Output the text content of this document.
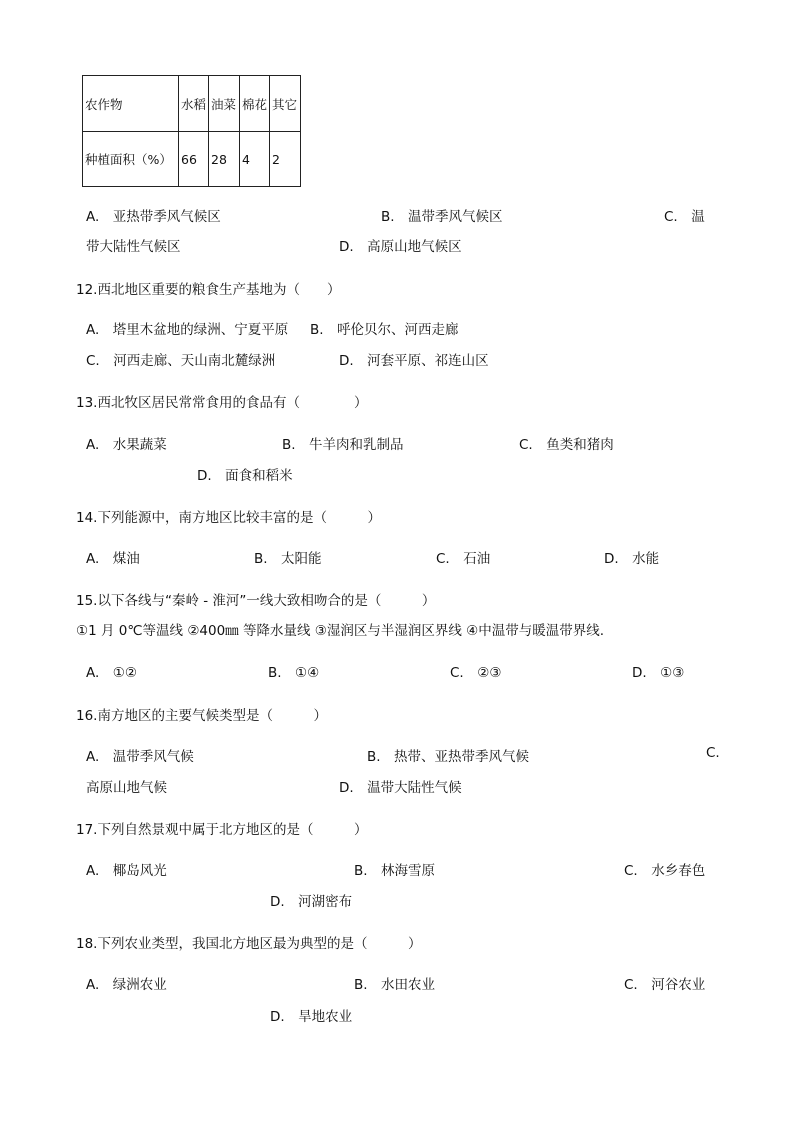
农作物	水稻	油菜	棉花	其它
种植面积（%）	66	28	4	2
A.　亚热带季风气候区	B.　温带季风气候区	C.　温
带大陆性气候区	D.　高原山地气候区
12.西北地区重要的粮食生产基地为（　　）
A.　塔里木盆地的绿洲、宁夏平原 B.　呼伦贝尔、河西走廊
C.　河西走廊、天山南北麓绿洲	D.　河套平原、祁连山区
13.西北牧区居民常常食用的食品有（　　　　）
A.　水果蔬菜	B.　牛羊肉和乳制品	C.　鱼类和猪肉
D.　面食和稻米
14.下列能源中，南方地区比较丰富的是（　　　）
A.　煤油	B.　太阳能	C.　石油	D.　水能
15.以下各线与“秦岭 - 淮河”一线大致相吻合的是（　　　）
①1 月 0℃等温线 ②400㎜ 等降水量线 ③湿润区与半湿润区界线 ④中温带与暖温带界线.
A.　①②	B.　①④	C.　②③	D.　①③
16.南方地区的主要气候类型是（　　　）
A.　温带季风气候	B.　热带、亚热带季风气候	C.
高原山地气候	D.　温带大陆性气候
17.下列自然景观中属于北方地区的是（　　　）
A.　椰岛风光	B.　林海雪原	C.　水乡春色
D.　河湖密布
18.下列农业类型，我国北方地区最为典型的是（　　　）
A.　绿洲农业	B.　水田农业	C.　河谷农业
D.　旱地农业
